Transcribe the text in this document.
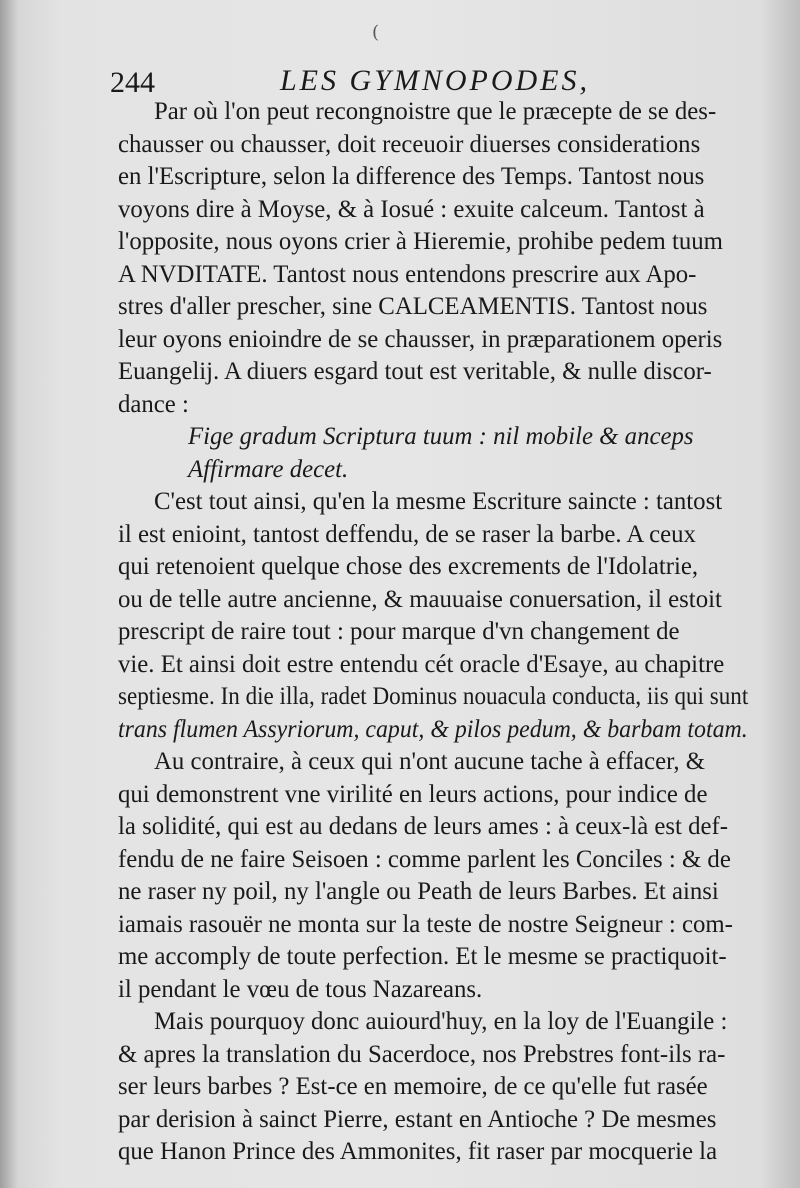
(
244	LES GYMNOPODES,
Par où l'on peut recongnoistre que le præcepte de se des-
chausser ou chausser, doit receuoir diuerses considerations
en l'Escripture, selon la difference des Temps. Tantost nous
voyons dire à Moyse, & à Iosué : exuite calceum. Tantost à
l'opposite, nous oyons crier à Hieremie, prohibe pedem tuum
A NVDITATE. Tantost nous entendons prescrire aux Apo-
stres d'aller prescher, sine CALCEAMENTIS. Tantost nous
leur oyons enioindre de se chausser, in præparationem operis
Euangelij. A diuers esgard tout est veritable, & nulle discor-
dance :
Fige gradum Scriptura tuum : nil mobile & anceps
Affirmare decet.
C'est tout ainsi, qu'en la mesme Escriture saincte : tantost
il est enioint, tantost deffendu, de se raser la barbe. A ceux
qui retenoient quelque chose des excrements de l'Idolatrie,
ou de telle autre ancienne, & mauuaise conuersation, il estoit
prescript de raire tout : pour marque d'vn changement de
vie. Et ainsi doit estre entendu cét oracle d'Esaye, au chapitre
septiesme. In die illa, radet Dominus nouacula conducta, iis qui sunt
trans flumen Assyriorum, caput, & pilos pedum, & barbam totam.
Au contraire, à ceux qui n'ont aucune tache à effacer, &
qui demonstrent vne virilité en leurs actions, pour indice de
la solidité, qui est au dedans de leurs ames : à ceux-là est def-
fendu de ne faire Seisoen : comme parlent les Conciles : & de
ne raser ny poil, ny l'angle ou Peath de leurs Barbes. Et ainsi
iamais rasouër ne monta sur la teste de nostre Seigneur : com-
me accomply de toute perfection. Et le mesme se practiquoit-
il pendant le vœu de tous Nazareans.
Mais pourquoy donc auiourd'huy, en la loy de l'Euangile :
& apres la translation du Sacerdoce, nos Prebstres font-ils ra-
ser leurs barbes ? Est-ce en memoire, de ce qu'elle fut rasée
par derision à sainct Pierre, estant en Antioche ? De mesmes
que Hanon Prince des Ammonites, fit raser par mocquerie la
